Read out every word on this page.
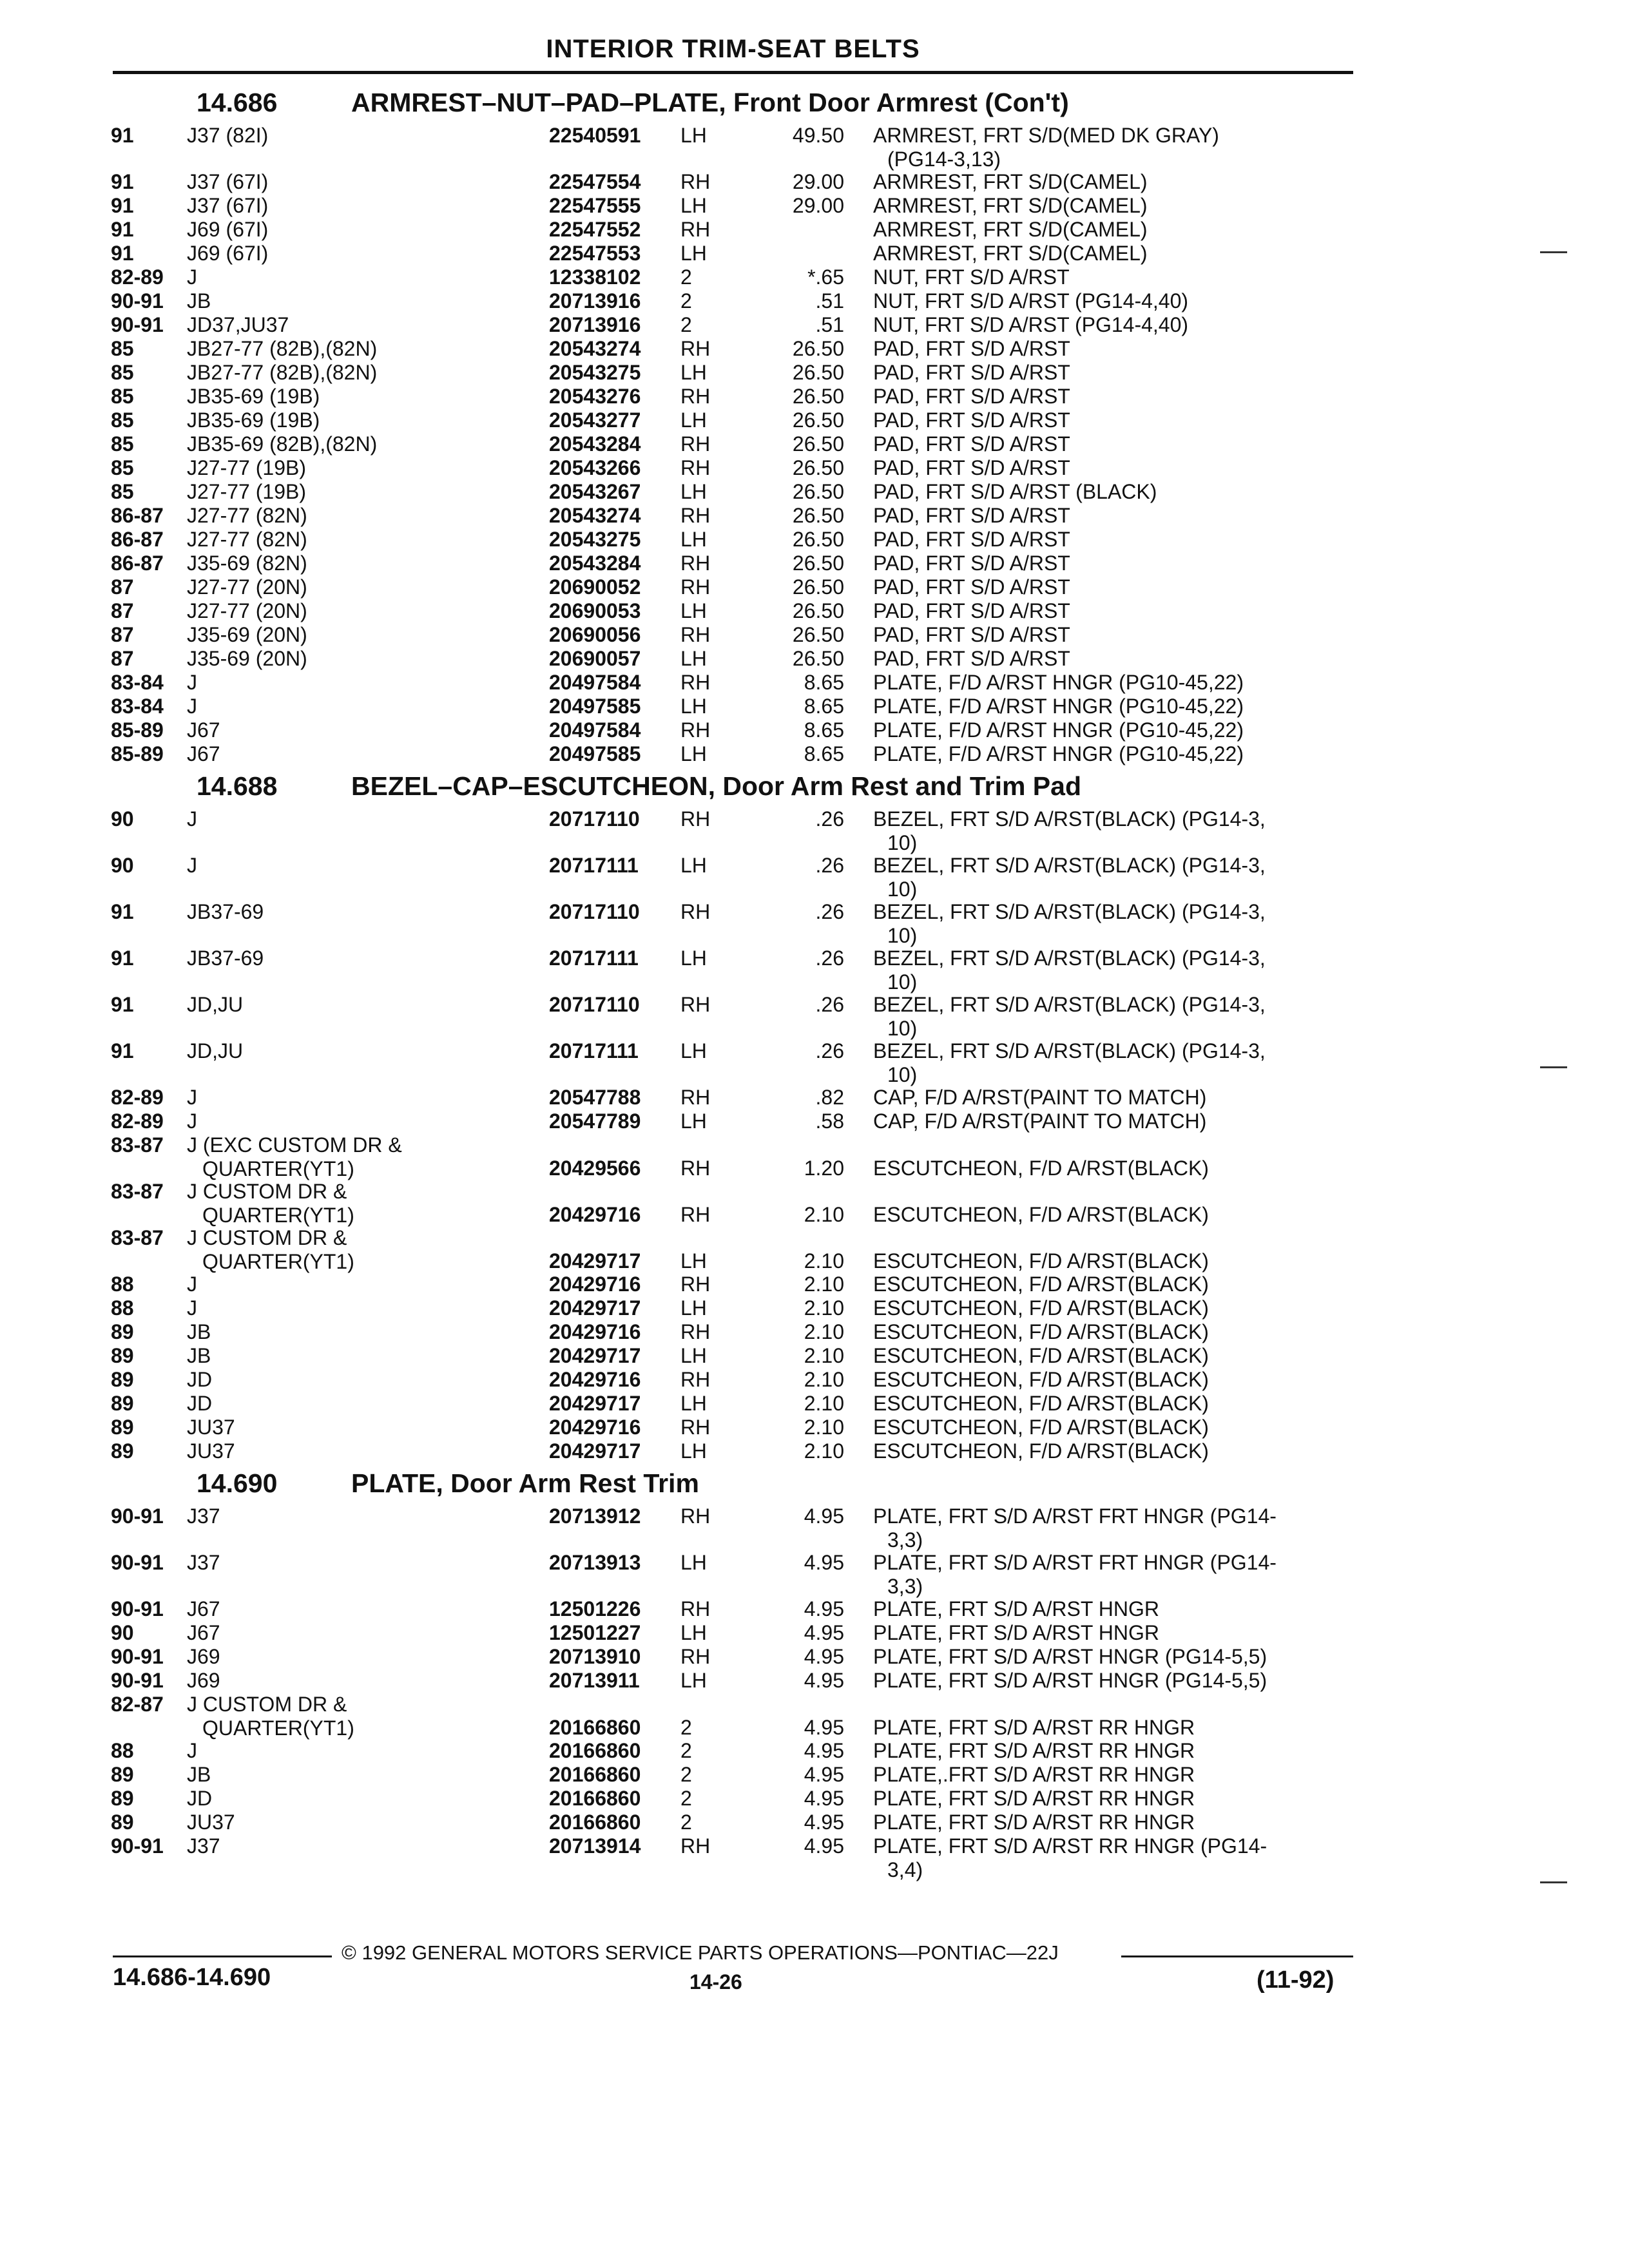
INTERIOR TRIM-SEAT BELTS
14.686	ARMREST–NUT–PAD–PLATE, Front Door Armrest (Con't)
91	J37 (82I)	22540591 LH	49.50 ARMREST, FRT S/D(MED DK GRAY)
(PG14-3,13)
91	J37 (67I)	22547554 RH	29.00 ARMREST, FRT S/D(CAMEL)
91	J37 (67I)	22547555 LH	29.00 ARMREST, FRT S/D(CAMEL)
91	J69 (67I)	22547552 RH	ARMREST, FRT S/D(CAMEL)
91	J69 (67I)	22547553 LH	ARMREST, FRT S/D(CAMEL)
82-89 J	12338102 2	*.65 NUT, FRT S/D A/RST
90-91 JB	20713916 2	.51 NUT, FRT S/D A/RST (PG14-4,40)
90-91 JD37,JU37	20713916 2	.51 NUT, FRT S/D A/RST (PG14-4,40)
85	JB27-77 (82B),(82N)	20543274 RH	26.50 PAD, FRT S/D A/RST
85	JB27-77 (82B),(82N)	20543275 LH	26.50 PAD, FRT S/D A/RST
85	JB35-69 (19B)	20543276 RH	26.50 PAD, FRT S/D A/RST
85	JB35-69 (19B)	20543277 LH	26.50 PAD, FRT S/D A/RST
85	JB35-69 (82B),(82N)	20543284 RH	26.50 PAD, FRT S/D A/RST
85	J27-77 (19B)	20543266 RH	26.50 PAD, FRT S/D A/RST
85	J27-77 (19B)	20543267 LH	26.50 PAD, FRT S/D A/RST (BLACK)
86-87 J27-77 (82N)	20543274 RH	26.50 PAD, FRT S/D A/RST
86-87 J27-77 (82N)	20543275 LH	26.50 PAD, FRT S/D A/RST
86-87 J35-69 (82N)	20543284 RH	26.50 PAD, FRT S/D A/RST
87	J27-77 (20N)	20690052 RH	26.50 PAD, FRT S/D A/RST
87	J27-77 (20N)	20690053 LH	26.50 PAD, FRT S/D A/RST
87	J35-69 (20N)	20690056 RH	26.50 PAD, FRT S/D A/RST
87	J35-69 (20N)	20690057 LH	26.50 PAD, FRT S/D A/RST
83-84 J	20497584 RH	8.65 PLATE, F/D A/RST HNGR (PG10-45,22)
83-84 J	20497585 LH	8.65 PLATE, F/D A/RST HNGR (PG10-45,22)
85-89 J67	20497584 RH	8.65 PLATE, F/D A/RST HNGR (PG10-45,22)
85-89 J67	20497585 LH	8.65 PLATE, F/D A/RST HNGR (PG10-45,22)
14.688	BEZEL–CAP–ESCUTCHEON, Door Arm Rest and Trim Pad
90	J	20717110 RH	.26 BEZEL, FRT S/D A/RST(BLACK) (PG14-3,
10)
90	J	20717111 LH	.26 BEZEL, FRT S/D A/RST(BLACK) (PG14-3,
10)
91	JB37-69	20717110 RH	.26 BEZEL, FRT S/D A/RST(BLACK) (PG14-3,
10)
91	JB37-69	20717111 LH	.26 BEZEL, FRT S/D A/RST(BLACK) (PG14-3,
10)
91	JD,JU	20717110 RH	.26 BEZEL, FRT S/D A/RST(BLACK) (PG14-3,
10)
91	JD,JU	20717111 LH	.26 BEZEL, FRT S/D A/RST(BLACK) (PG14-3,
10)
82-89 J	20547788 RH	.82 CAP, F/D A/RST(PAINT TO MATCH)
82-89 J	20547789 LH	.58 CAP, F/D A/RST(PAINT TO MATCH)
83-87 J (EXC CUSTOM DR &
QUARTER(YT1)	20429566 RH	1.20 ESCUTCHEON, F/D A/RST(BLACK)
83-87 J CUSTOM DR &
QUARTER(YT1)	20429716 RH	2.10 ESCUTCHEON, F/D A/RST(BLACK)
83-87 J CUSTOM DR &
QUARTER(YT1)	20429717 LH	2.10 ESCUTCHEON, F/D A/RST(BLACK)
88	J	20429716 RH	2.10 ESCUTCHEON, F/D A/RST(BLACK)
88	J	20429717 LH	2.10 ESCUTCHEON, F/D A/RST(BLACK)
89	JB	20429716 RH	2.10 ESCUTCHEON, F/D A/RST(BLACK)
89	JB	20429717 LH	2.10 ESCUTCHEON, F/D A/RST(BLACK)
89	JD	20429716 RH	2.10 ESCUTCHEON, F/D A/RST(BLACK)
89	JD	20429717 LH	2.10 ESCUTCHEON, F/D A/RST(BLACK)
89	JU37	20429716 RH	2.10 ESCUTCHEON, F/D A/RST(BLACK)
89	JU37	20429717 LH	2.10 ESCUTCHEON, F/D A/RST(BLACK)
14.690	PLATE, Door Arm Rest Trim
90-91 J37	20713912 RH	4.95 PLATE, FRT S/D A/RST FRT HNGR (PG14-
3,3)
90-91 J37	20713913 LH	4.95 PLATE, FRT S/D A/RST FRT HNGR (PG14-
3,3)
90-91 J67	12501226 RH	4.95 PLATE, FRT S/D A/RST HNGR
90	J67	12501227 LH	4.95 PLATE, FRT S/D A/RST HNGR
90-91 J69	20713910 RH	4.95 PLATE, FRT S/D A/RST HNGR (PG14-5,5)
90-91 J69	20713911 LH	4.95 PLATE, FRT S/D A/RST HNGR (PG14-5,5)
82-87 J CUSTOM DR &
QUARTER(YT1)	20166860 2	4.95 PLATE, FRT S/D A/RST RR HNGR
88	J	20166860 2	4.95 PLATE, FRT S/D A/RST RR HNGR
89	JB	20166860 2	4.95 PLATE,.FRT S/D A/RST RR HNGR
89	JD	20166860 2	4.95 PLATE, FRT S/D A/RST RR HNGR
89	JU37	20166860 2	4.95 PLATE, FRT S/D A/RST RR HNGR
90-91 J37	20713914 RH	4.95 PLATE, FRT S/D A/RST RR HNGR (PG14-
3,4)
© 1992 GENERAL MOTORS SERVICE PARTS OPERATIONS—PONTIAC—22J
14.686-14.690	14-26	(11-92)
